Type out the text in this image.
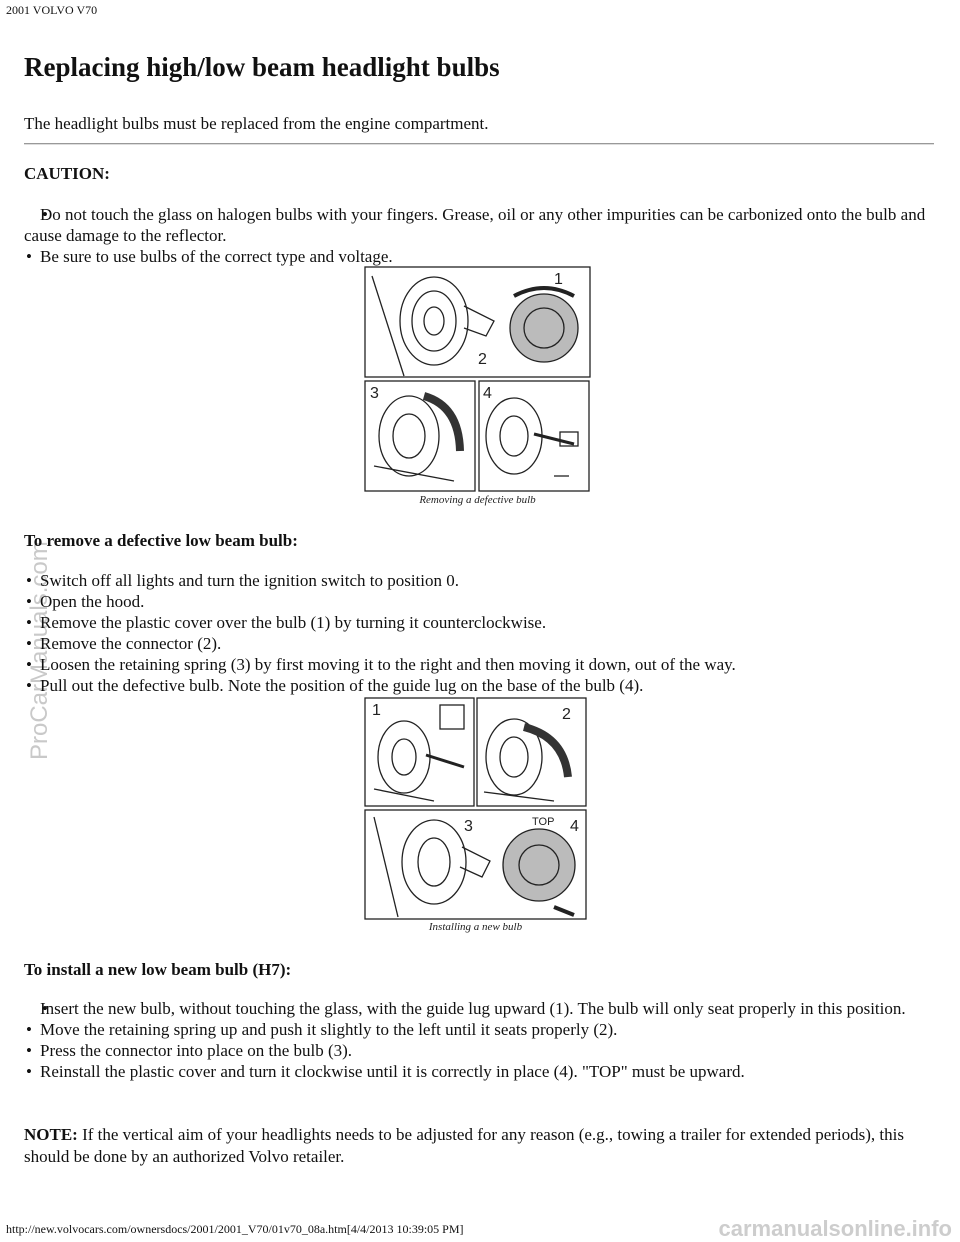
2001 VOLVO V70
ProCarManuals.com
Replacing high/low beam headlight bulbs

The headlight bulbs must be replaced from the engine compartment.

CAUTION:

• Do not touch the glass on halogen bulbs with your fingers. Grease, oil or any other impurities can be carbonized onto the bulb and cause damage to the reflector.
• Be sure to use bulbs of the correct type and voltage.
1
2
3	4
Removing a defective bulb

To remove a defective low beam bulb:

• Switch off all lights and turn the ignition switch to position 0.
• Open the hood.
• Remove the plastic cover over the bulb (1) by turning it counterclockwise.
• Remove the connector (2).
• Loosen the retaining spring (3) by first moving it to the right and then moving it down, out of the way.
• Pull out the defective bulb. Note the position of the guide lug on the base of the bulb (4).
1	2
3	4
TOP
Installing a new bulb

To install a new low beam bulb (H7):

• Insert the new bulb, without touching the glass, with the guide lug upward (1). The bulb will only seat properly in this position.
• Move the retaining spring up and push it slightly to the left until it seats properly (2).
• Press the connector into place on the bulb (3).
• Reinstall the plastic cover and turn it clockwise until it is correctly in place (4). "TOP" must be upward.

NOTE: If the vertical aim of your headlights needs to be adjusted for any reason (e.g., towing a trailer for extended periods), this should be done by an authorized Volvo retailer.

http://new.volvocars.com/ownersdocs/2001/2001_V70/01v70_08a.htm[4/4/2013 10:39:05 PM]	carmanualsonline.info
